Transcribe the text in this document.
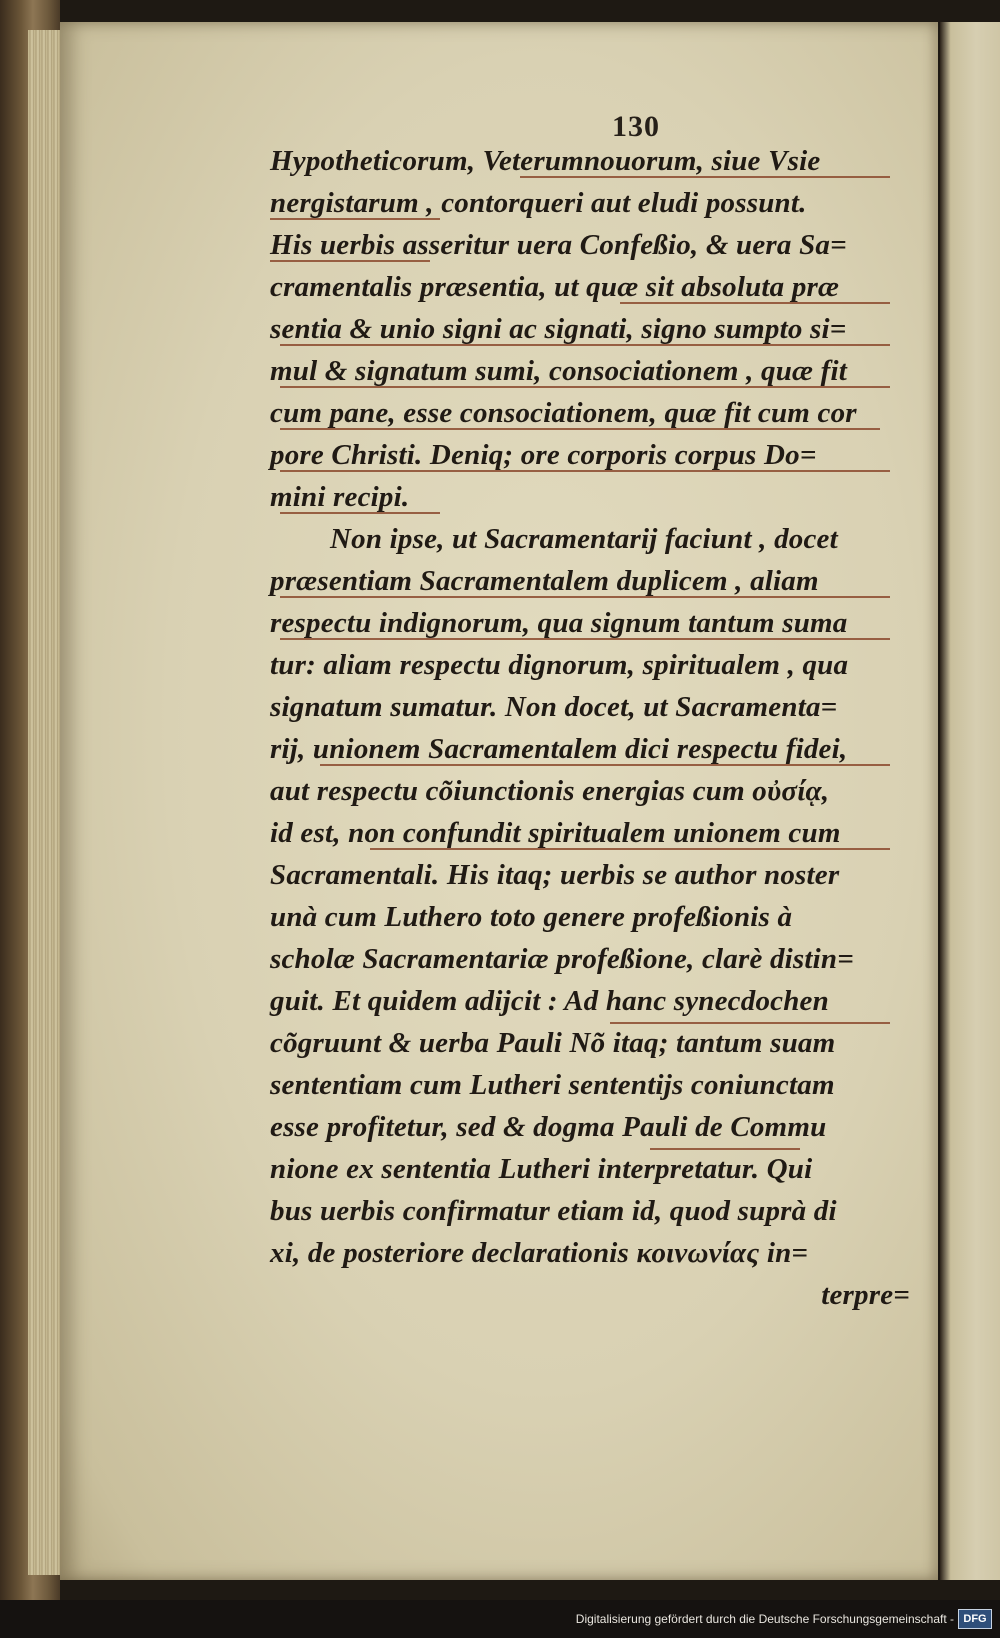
130
Hypotheticorum, Veterumnouorum, siue Vsie
nergistarum , contorqueri aut eludi possunt.
His uerbis asseritur uera Confeßio, & uera Sa=
cramentalis præsentia, ut quæ sit absoluta præ
sentia & unio signi ac signati, signo sumpto si=
mul & signatum sumi, consociationem , quæ fit
cum pane, esse consociationem, quæ fit cum cor
pore Christi. Deniq; ore corporis corpus Do=
mini recipi.
Non ipse, ut Sacramentarij faciunt , docet
præsentiam Sacramentalem duplicem , aliam
respectu indignorum, qua signum tantum suma
tur: aliam respectu dignorum, spiritualem , qua
signatum sumatur. Non docet, ut Sacramenta=
rij, unionem Sacramentalem dici respectu fidei,
aut respectu cõiunctionis energias cum οὐσίᾳ,
id est, non confundit spiritualem unionem cum
Sacramentali. His itaq; uerbis se author noster
unà cum Luthero toto genere profeßionis à
scholæ Sacramentariæ profeßione, clarè distin=
guit. Et quidem adijcit : Ad hanc synecdochen
cõgruunt & uerba Pauli Nõ itaq; tantum suam
sententiam cum Lutheri sententijs coniunctam
esse profitetur, sed & dogma Pauli de Commu
nione ex sententia Lutheri interpretatur. Qui
bus uerbis confirmatur etiam id, quod suprà di
xi, de posteriore declarationis κοινωνίας in=
terpre=
Digitalisierung gefördert durch die Deutsche Forschungsgemeinschaft - DFG
